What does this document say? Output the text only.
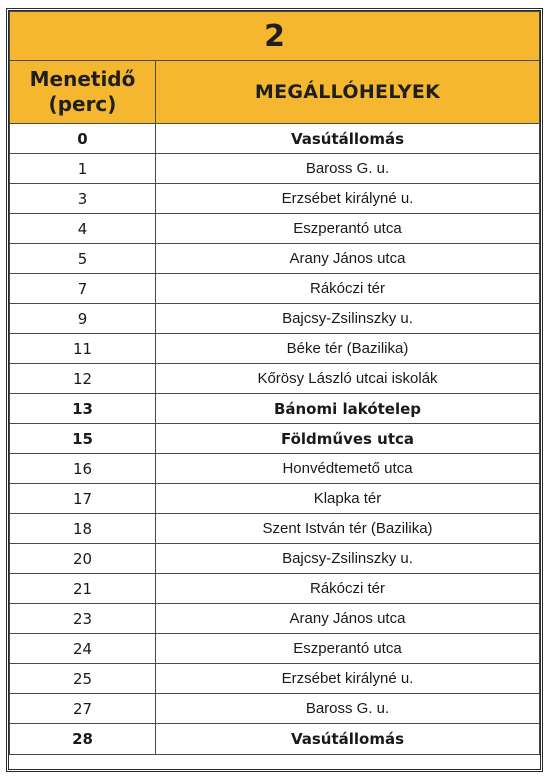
2	
Menetidő
(perc)	MEGÁLLÓHELYEK
0	Vasútállomás
1	Baross G. u.
3	Erzsébet királyné u.
4	Eszperantó utca
5	Arany János utca
7	Rákóczi tér
9	Bajcsy-Zsilinszky u.
11	Béke tér (Bazilika)
12	Kőrösy László utcai iskolák
13	Bánomi lakótelep
15	Földműves utca
16	Honvédtemető utca
17	Klapka tér
18	Szent István tér (Bazilika)
20	Bajcsy-Zsilinszky u.
21	Rákóczi tér
23	Arany János utca
24	Eszperantó utca
25	Erzsébet királyné u.
27	Baross G. u.
28	Vasútállomás
